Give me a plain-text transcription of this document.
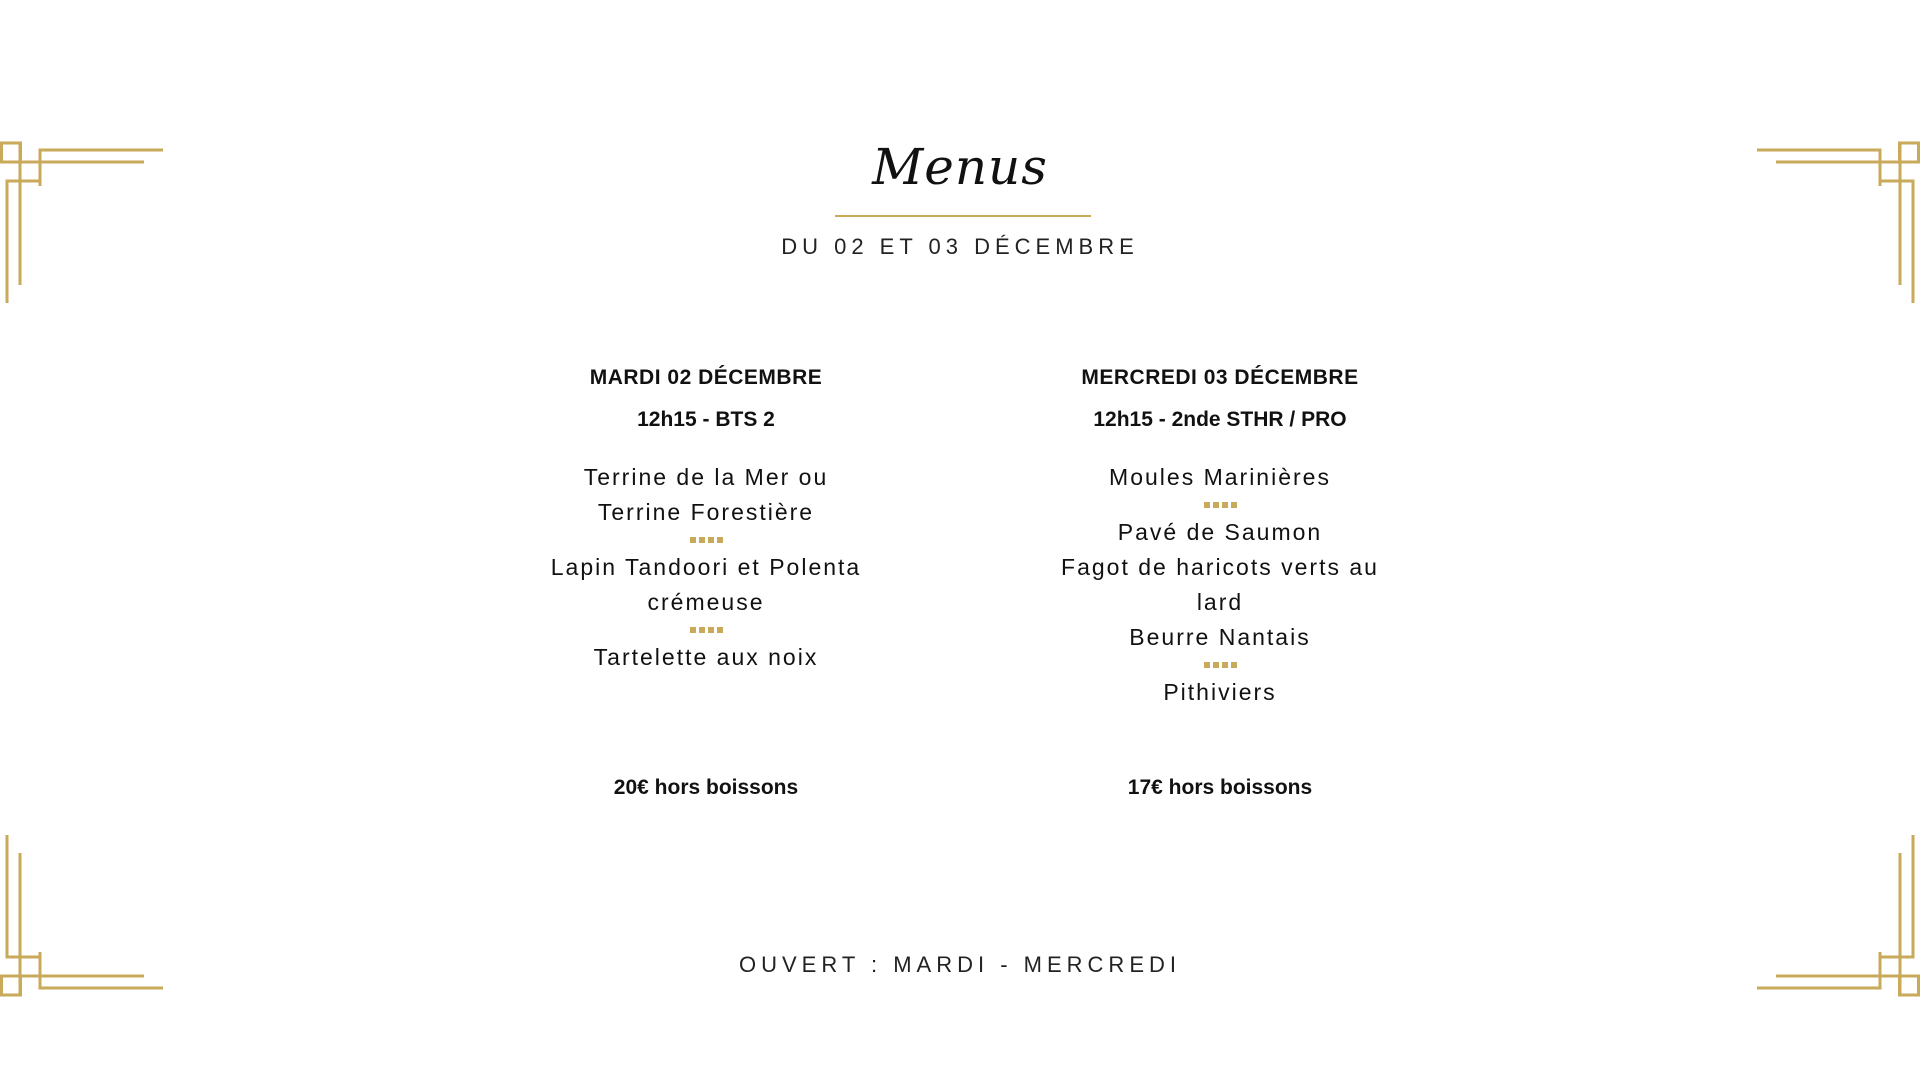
Menus
DU 02 ET 03 DÉCEMBRE
MARDI 02 DÉCEMBRE
12h15 - BTS 2
Terrine de la Mer ou
Terrine Forestière
Lapin Tandoori et Polenta
crémeuse
Tartelette aux noix
20€ hors boissons
MERCREDI 03 DÉCEMBRE
12h15 - 2nde STHR / PRO
Moules Marinières
Pavé de Saumon
Fagot de haricots verts au
lard
Beurre Nantais
Pithiviers
17€ hors boissons
OUVERT : MARDI - MERCREDI
